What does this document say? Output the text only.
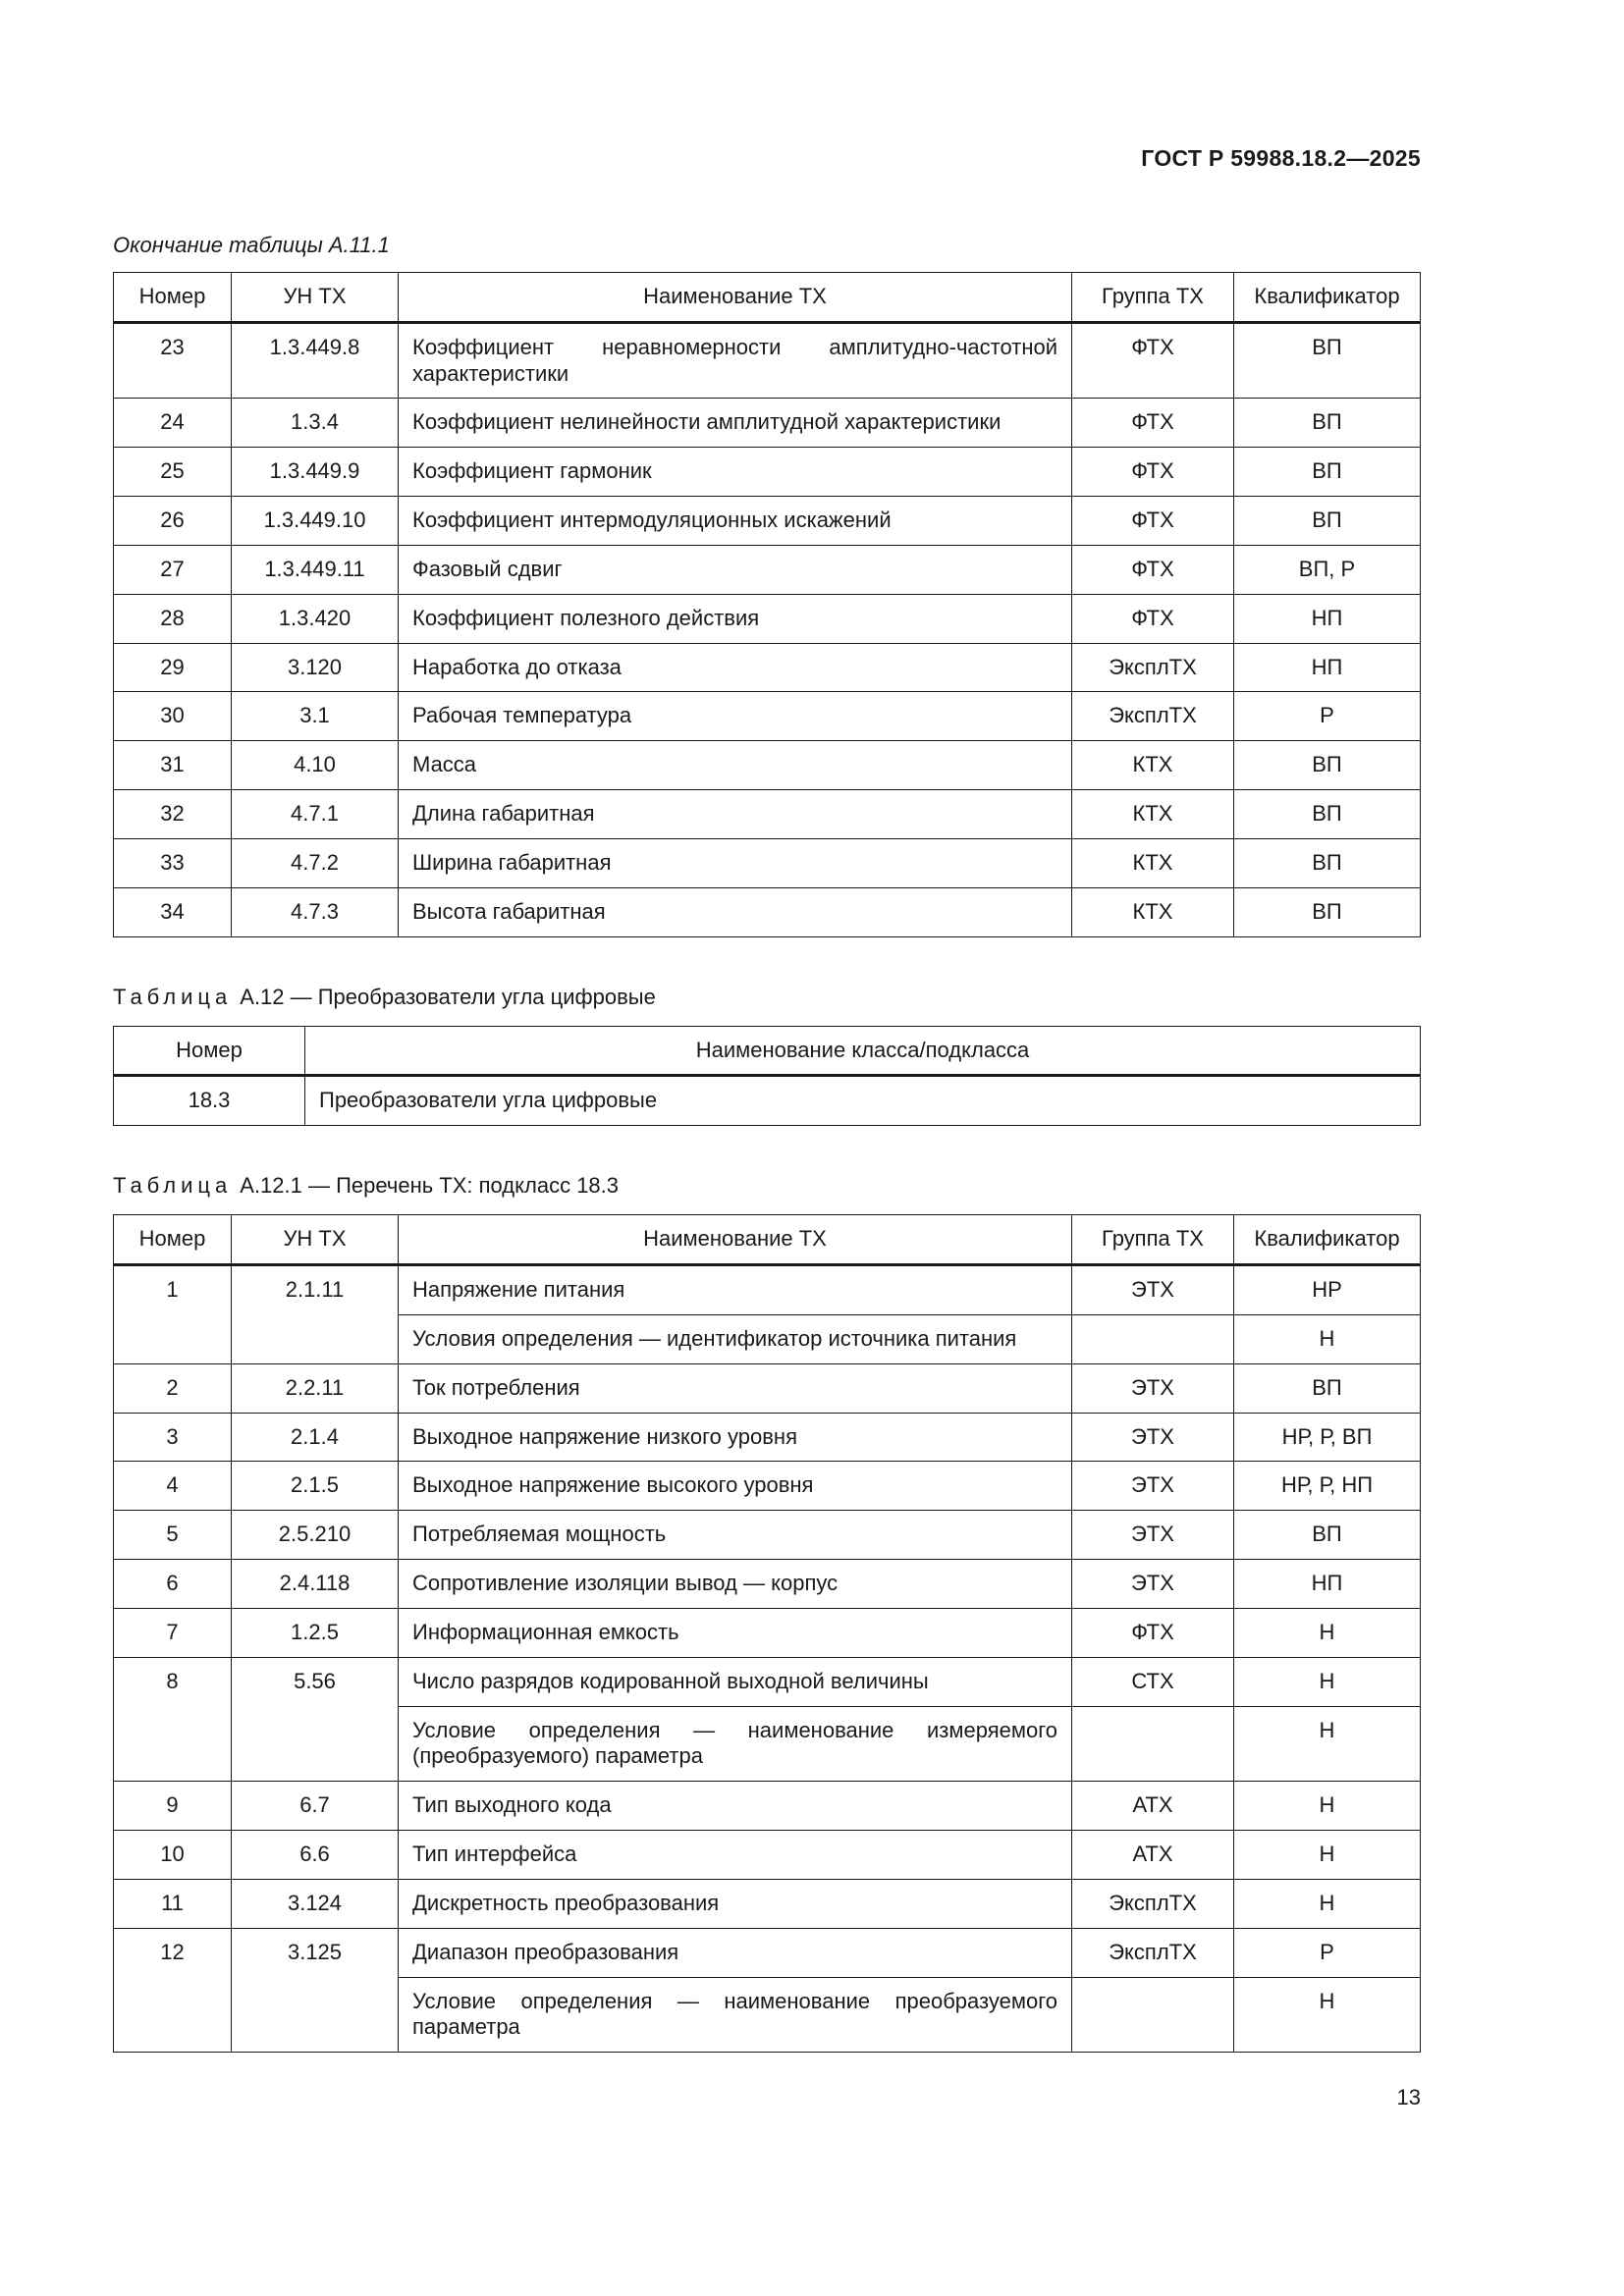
ГОСТ Р 59988.18.2—2025
Окончание таблицы А.11.1
Номер	УН ТХ	Наименование ТХ	Группа ТХ	Квалификатор
23	1.3.449.8	Коэффициент неравномерности амплитудно-частотной характеристики	ФТХ	ВП
24	1.3.4	Коэффициент нелинейности амплитудной характеристики	ФТХ	ВП
25	1.3.449.9	Коэффициент гармоник	ФТХ	ВП
26	1.3.449.10	Коэффициент интермодуляционных искажений	ФТХ	ВП
27	1.3.449.11	Фазовый сдвиг	ФТХ	ВП, Р
28	1.3.420	Коэффициент полезного действия	ФТХ	НП
29	3.120	Наработка до отказа	ЭксплТХ	НП
30	3.1	Рабочая температура	ЭксплТХ	Р
31	4.10	Масса	КТХ	ВП
32	4.7.1	Длина габаритная	КТХ	ВП
33	4.7.2	Ширина габаритная	КТХ	ВП
34	4.7.3	Высота габаритная	КТХ	ВП
Таблица А.12 — Преобразователи угла цифровые
Номер	Наименование класса/подкласса
18.3	Преобразователи угла цифровые
Таблица А.12.1 — Перечень ТХ: подкласс 18.3
Номер	УН ТХ	Наименование ТХ	Группа ТХ	Квалификатор
1	2.1.11	Напряжение питания	ЭТХ	НР
		Условия определения — идентификатор источника питания		Н
2	2.2.11	Ток потребления	ЭТХ	ВП
3	2.1.4	Выходное напряжение низкого уровня	ЭТХ	НР, Р, ВП
4	2.1.5	Выходное напряжение высокого уровня	ЭТХ	НР, Р, НП
5	2.5.210	Потребляемая мощность	ЭТХ	ВП
6	2.4.118	Сопротивление изоляции вывод — корпус	ЭТХ	НП
7	1.2.5	Информационная емкость	ФТХ	Н
8	5.56	Число разрядов кодированной выходной величины	СТХ	Н
		Условие определения — наименование измеряемого (преобразуемого) параметра		Н
9	6.7	Тип выходного кода	АТХ	Н
10	6.6	Тип интерфейса	АТХ	Н
11	3.124	Дискретность преобразования	ЭксплТХ	Н
12	3.125	Диапазон преобразования	ЭксплТХ	Р
		Условие определения — наименование преобразуемого параметра		Н
13
